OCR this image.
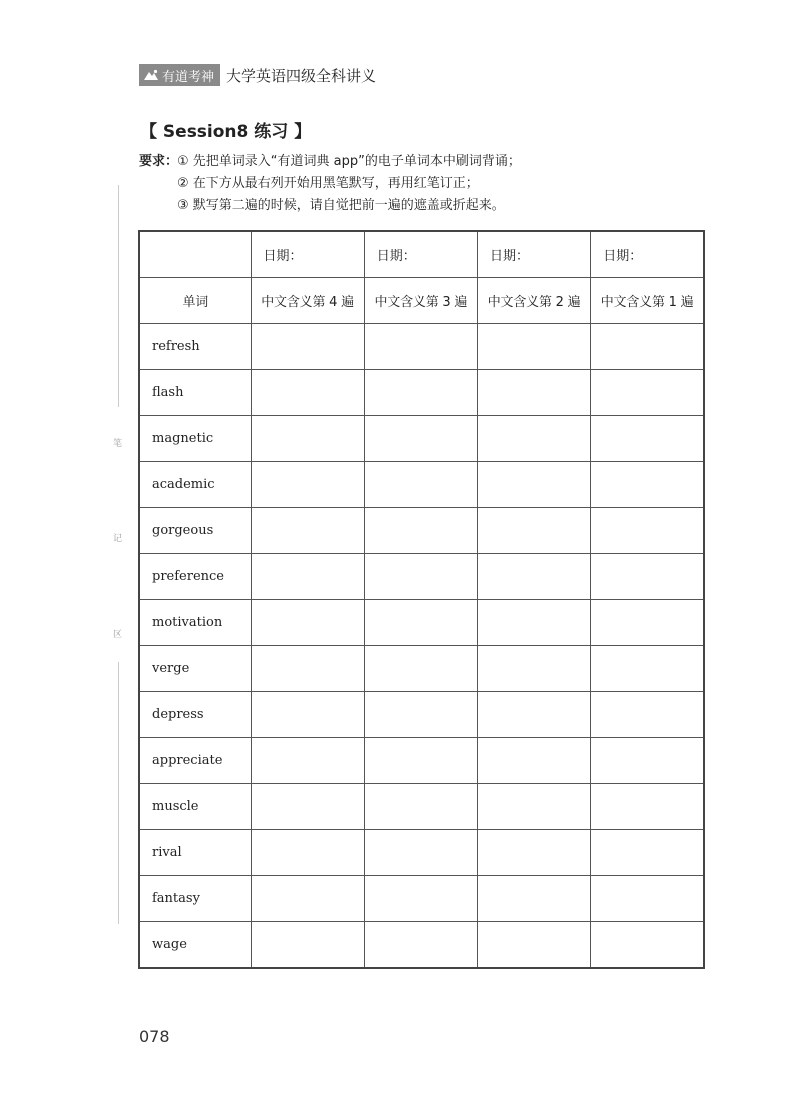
有道考神 大学英语四级全科讲义
【 Session8 练习 】
要求：① 先把单词录入“有道词典 app”的电子单词本中刷词背诵；
② 在下方从最右列开始用黑笔默写，再用红笔订正；
③ 默写第二遍的时候，请自觉把前一遍的遮盖或折起来。
笔
记
区
	日期：	日期：	日期：	日期：
单词	中文含义第 4 遍	中文含义第 3 遍	中文含义第 2 遍	中文含义第 1 遍
refresh				
flash				
magnetic				
academic				
gorgeous				
preference				
motivation				
verge				
depress				
appreciate				
muscle				
rival				
fantasy				
wage				
078
